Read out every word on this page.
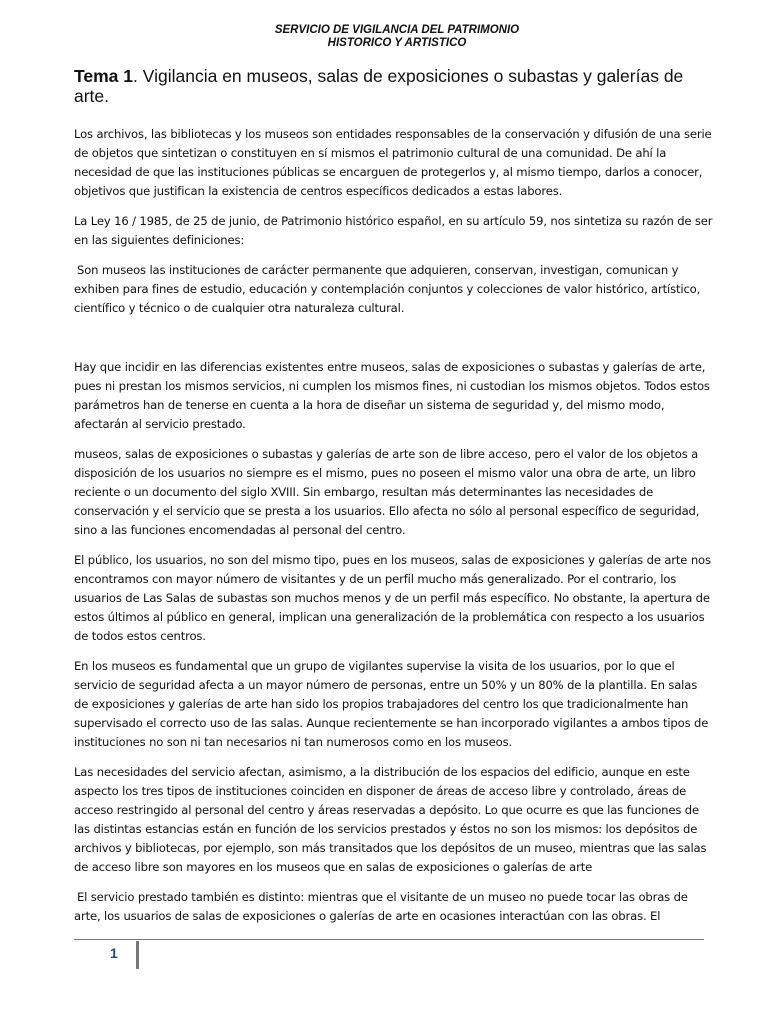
SERVICIO DE VIGILANCIA DEL PATRIMONIO
HISTORICO Y ARTISTICO
Tema 1. Vigilancia en museos, salas de exposiciones o subastas y galerías de arte.

Los archivos, las bibliotecas y los museos son entidades responsables de la conservación y difusión de una serie de objetos que sintetizan o constituyen en sí mismos el patrimonio cultural de una comunidad. De ahí la necesidad de que las instituciones públicas se encarguen de protegerlos y, al mismo tiempo, darlos a conocer, objetivos que justifican la existencia de centros específicos dedicados a estas labores.

La Ley 16 / 1985, de 25 de junio, de Patrimonio histórico español, en su artículo 59, nos sintetiza su razón de ser en las siguientes definiciones:

Son museos las instituciones de carácter permanente que adquieren, conservan, investigan, comunican y exhiben para fines de estudio, educación y contemplación conjuntos y colecciones de valor histórico, artístico, científico y técnico o de cualquier otra naturaleza cultural.

Hay que incidir en las diferencias existentes entre museos, salas de exposiciones o subastas y galerías de arte, pues ni prestan los mismos servicios, ni cumplen los mismos fines, ni custodian los mismos objetos. Todos estos parámetros han de tenerse en cuenta a la hora de diseñar un sistema de seguridad y, del mismo modo, afectarán al servicio prestado.

museos, salas de exposiciones o subastas y galerías de arte son de libre acceso, pero el valor de los objetos a disposición de los usuarios no siempre es el mismo, pues no poseen el mismo valor una obra de arte, un libro reciente o un documento del siglo XVIII. Sin embargo, resultan más determinantes las necesidades de conservación y el servicio que se presta a los usuarios. Ello afecta no sólo al personal específico de seguridad, sino a las funciones encomendadas al personal del centro.

El público, los usuarios, no son del mismo tipo, pues en los museos, salas de exposiciones y galerías de arte nos encontramos con mayor número de visitantes y de un perfil mucho más generalizado. Por el contrario, los usuarios de Las Salas de subastas son muchos menos y de un perfil más específico. No obstante, la apertura de estos últimos al público en general, implican una generalización de la problemática con respecto a los usuarios de todos estos centros.

En los museos es fundamental que un grupo de vigilantes supervise la visita de los usuarios, por lo que el servicio de seguridad afecta a un mayor número de personas, entre un 50% y un 80% de la plantilla. En salas de exposiciones y galerías de arte han sido los propios trabajadores del centro los que tradicionalmente han supervisado el correcto uso de las salas. Aunque recientemente se han incorporado vigilantes a ambos tipos de instituciones no son ni tan necesarios ni tan numerosos como en los museos.

Las necesidades del servicio afectan, asimismo, a la distribución de los espacios del edificio, aunque en este aspecto los tres tipos de instituciones coinciden en disponer de áreas de acceso libre y controlado, áreas de acceso restringido al personal del centro y áreas reservadas a depósito. Lo que ocurre es que las funciones de las distintas estancias están en función de los servicios prestados y éstos no son los mismos: los depósitos de archivos y bibliotecas, por ejemplo, son más transitados que los depósitos de un museo, mientras que las salas de acceso libre son mayores en los museos que en salas de exposiciones o galerías de arte

El servicio prestado también es distinto: mientras que el visitante de un museo no puede tocar las obras de arte, los usuarios de salas de exposiciones o galerías de arte en ocasiones interactúan con las obras. El

1
